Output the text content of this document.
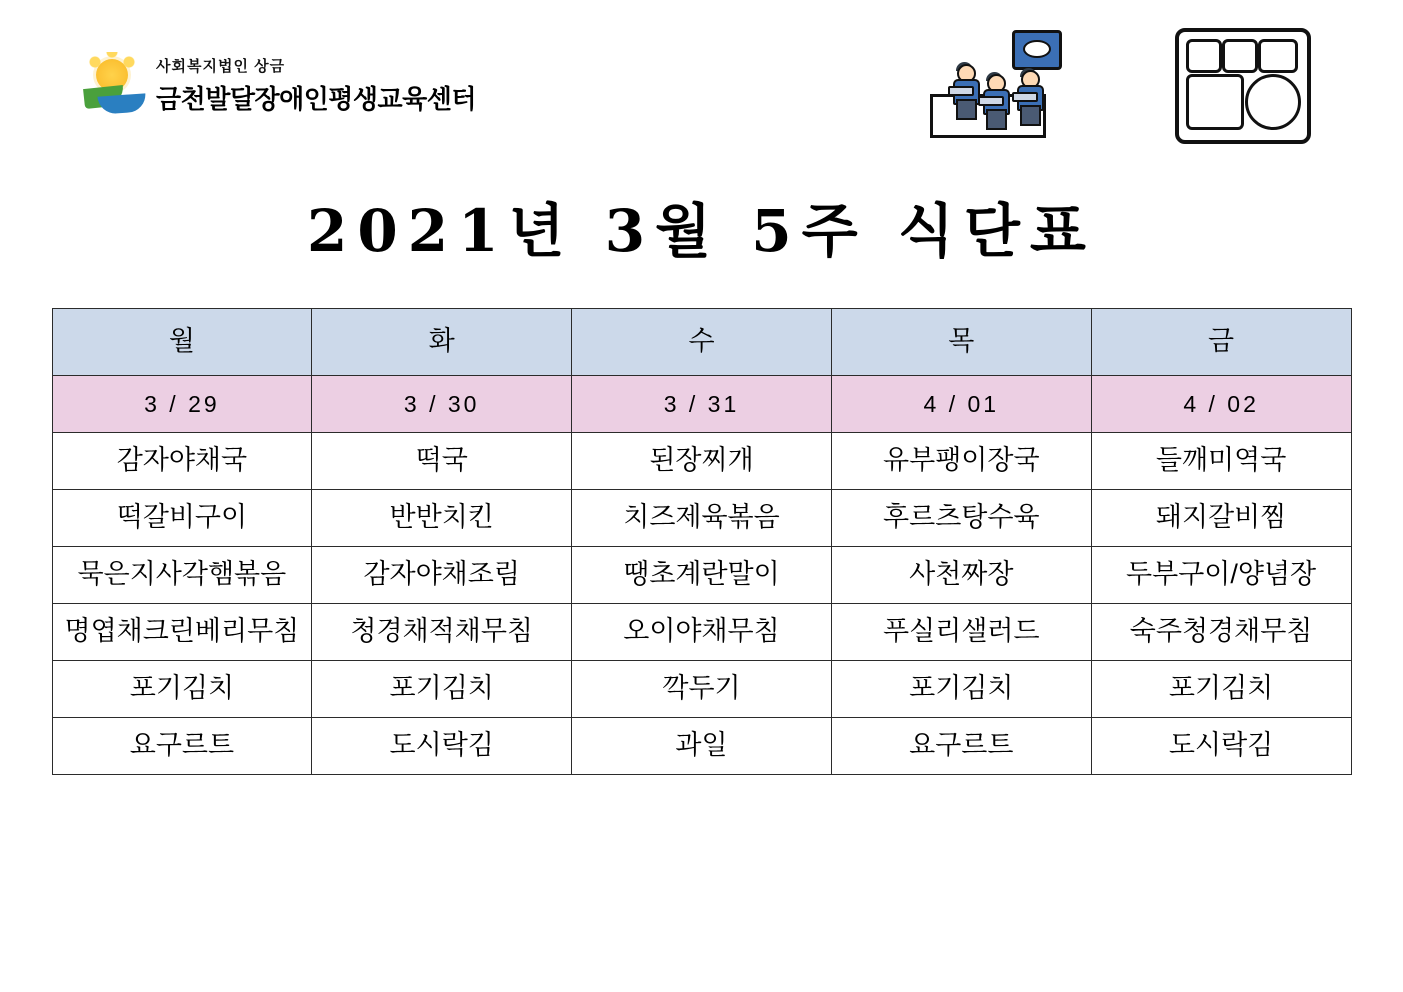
사회복지법인 상금
금천발달장애인평생교육센터
2021년 3월 5주 식단표
월	화	수	목	금
3 / 29	3 / 30	3 / 31	4 / 01	4 / 02
감자야채국	떡국	된장찌개	유부팽이장국	들깨미역국
떡갈비구이	반반치킨	치즈제육볶음	후르츠탕수육	돼지갈비찜
묵은지사각햄볶음	감자야채조림	땡초계란말이	사천짜장	두부구이/양념장
명엽채크린베리무침	청경채적채무침	오이야채무침	푸실리샐러드	숙주청경채무침
포기김치	포기김치	깍두기	포기김치	포기김치
요구르트	도시락김	과일	요구르트	도시락김
